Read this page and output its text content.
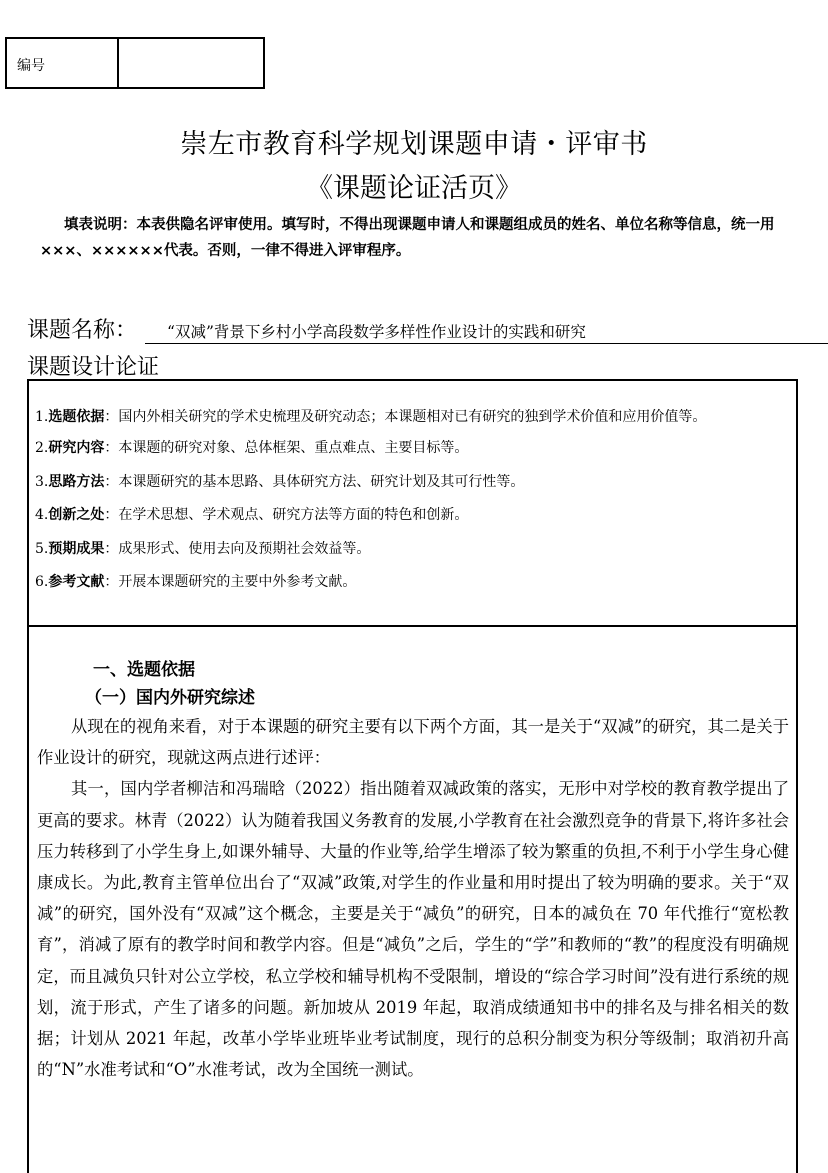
编号
崇左市教育科学规划课题申请・评审书
《课题论证活页》
填表说明：本表供隐名评审使用。填写时，不得出现课题申请人和课题组成员的姓名、单位名称等信息，统一用×××、××××××代表。否则，一律不得进入评审程序。
课题名称：	“双减”背景下乡村小学高段数学多样性作业设计的实践和研究
课题设计论证
1.选题依据：国内外相关研究的学术史梳理及研究动态；本课题相对已有研究的独到学术价值和应用价值等。
2.研究内容：本课题的研究对象、总体框架、重点难点、主要目标等。
3.思路方法：本课题研究的基本思路、具体研究方法、研究计划及其可行性等。
4.创新之处：在学术思想、学术观点、研究方法等方面的特色和创新。
5.预期成果：成果形式、使用去向及预期社会效益等。
6.参考文献：开展本课题研究的主要中外参考文献。
一、选题依据
（一）国内外研究综述

从现在的视角来看，对于本课题的研究主要有以下两个方面，其一是关于“双减”的研究，其二是关于作业设计的研究，现就这两点进行述评：

其一，国内学者柳洁和冯瑞晗（2022）指出随着双减政策的落实，无形中对学校的教育教学提出了更高的要求。林青（2022）认为随着我国义务教育的发展,小学教育在社会激烈竞争的背景下,将许多社会压力转移到了小学生身上,如课外辅导、大量的作业等,给学生增添了较为繁重的负担,不利于小学生身心健康成长。为此,教育主管单位出台了“双减”政策,对学生的作业量和用时提出了较为明确的要求。关于“双减”的研究，国外没有“双减”这个概念，主要是关于“减负”的研究，日本的减负在 70 年代推行“宽松教育”，消减了原有的教学时间和教学内容。但是“减负”之后，学生的“学”和教师的“教”的程度没有明确规定，而且减负只针对公立学校，私立学校和辅导机构不受限制，增设的“综合学习时间”没有进行系统的规划，流于形式，产生了诸多的问题。新加坡从 2019 年起，取消成绩通知书中的排名及与排名相关的数据；计划从 2021 年起，改革小学毕业班毕业考试制度，现行的总积分制变为积分等级制；取消初升高的“N”水准考试和“O”水准考试，改为全国统一测试。
